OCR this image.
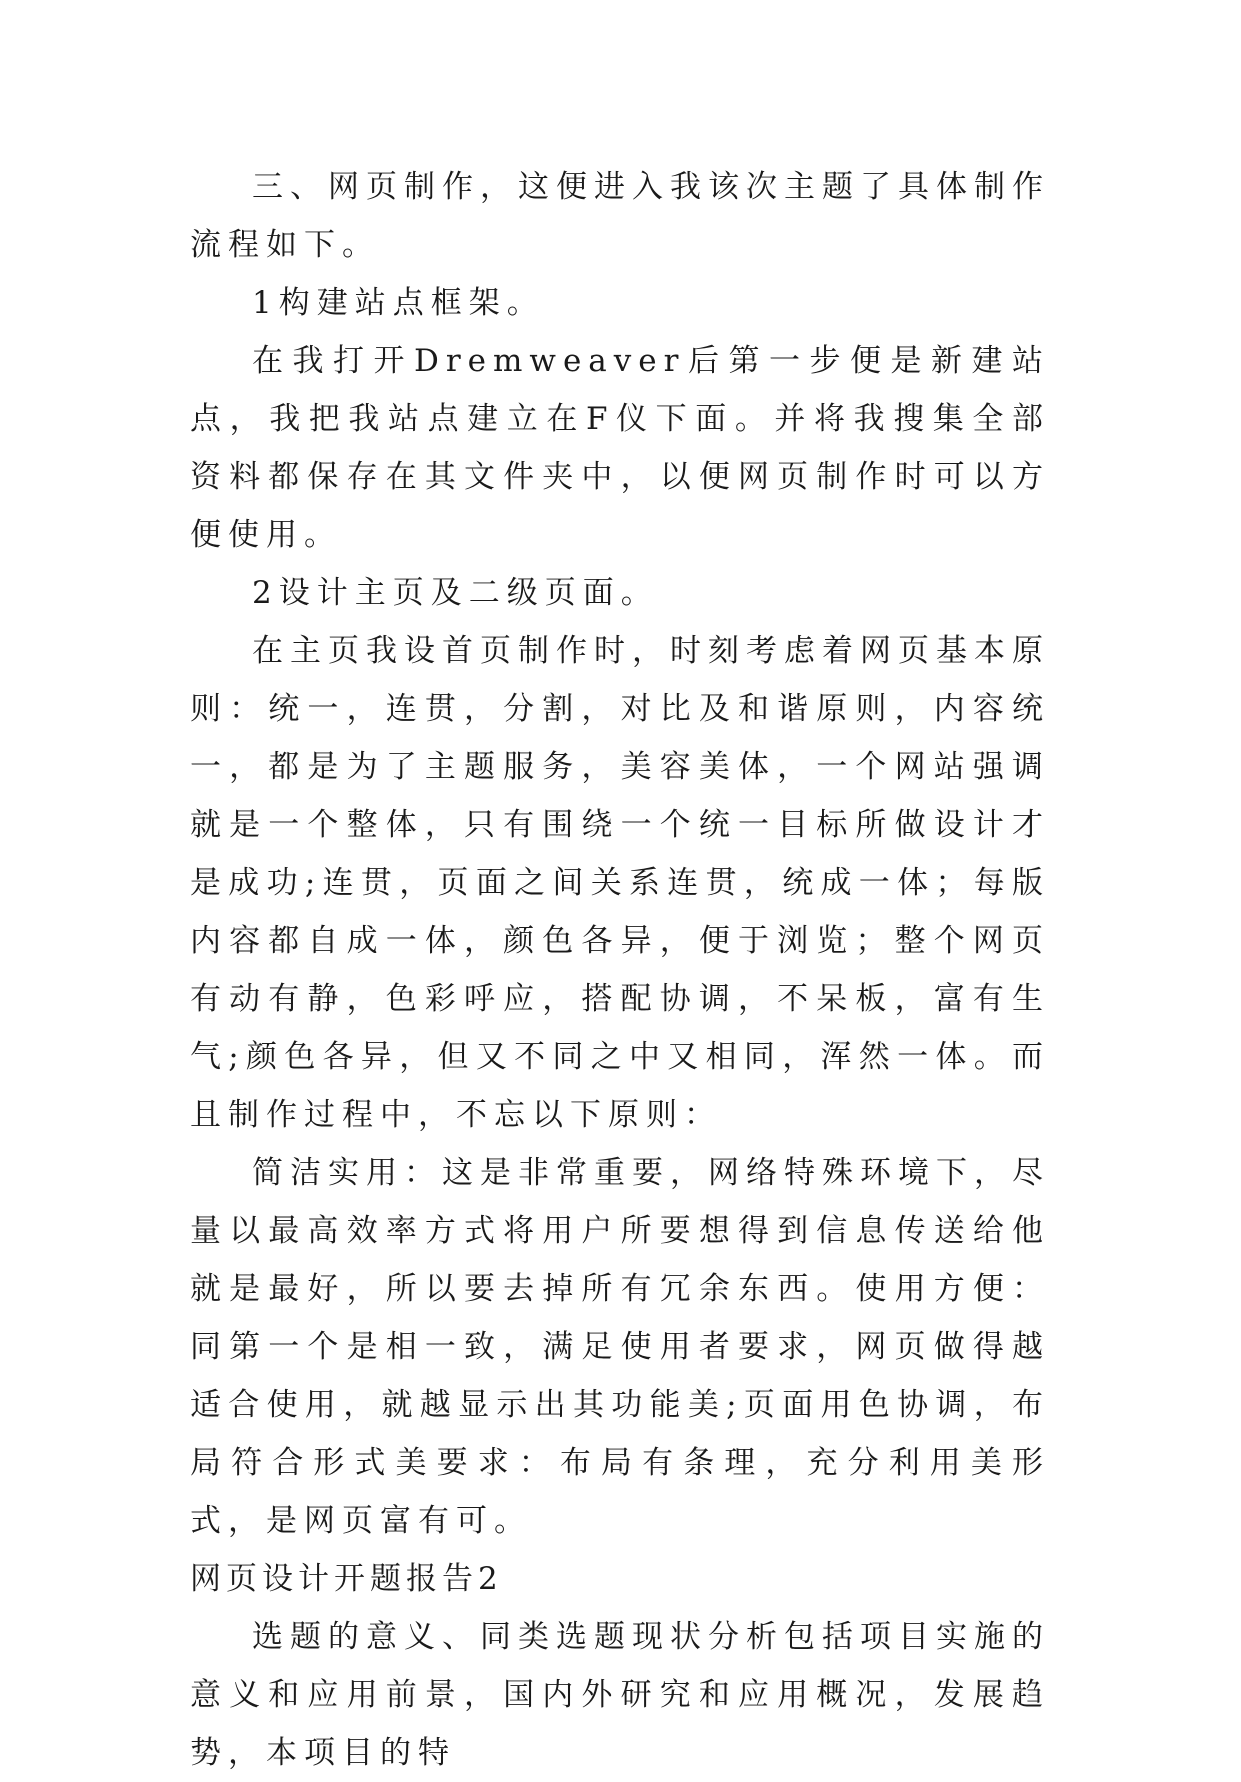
三、网页制作，这便进入我该次主题了具体制作流程如下。

1构建站点框架。

在我打开Dremweaver后第一步便是新建站点，我把我站点建立在F仪下面。并将我搜集全部资料都保存在其文件夹中，以便网页制作时可以方便使用。

2设计主页及二级页面。

在主页我设首页制作时，时刻考虑着网页基本原则：统一，连贯，分割，对比及和谐原则，内容统一，都是为了主题服务，美容美体，一个网站强调就是一个整体，只有围绕一个统一目标所做设计才是成功;连贯，页面之间关系连贯，统成一体；每版内容都自成一体，颜色各异，便于浏览；整个网页有动有静，色彩呼应，搭配协调，不呆板，富有生气;颜色各异，但又不同之中又相同，浑然一体。而且制作过程中，不忘以下原则：

简洁实用：这是非常重要，网络特殊环境下，尽量以最高效率方式将用户所要想得到信息传送给他就是最好，所以要去掉所有冗余东西。使用方便：同第一个是相一致，满足使用者要求，网页做得越适合使用，就越显示出其功能美;页面用色协调，布局符合形式美要求：布局有条理，充分利用美形式，是网页富有可。

网页设计开题报告2

选题的意义、同类选题现状分析包括项目实施的意义和应用前景，国内外研究和应用概况，发展趋势，本项目的特
